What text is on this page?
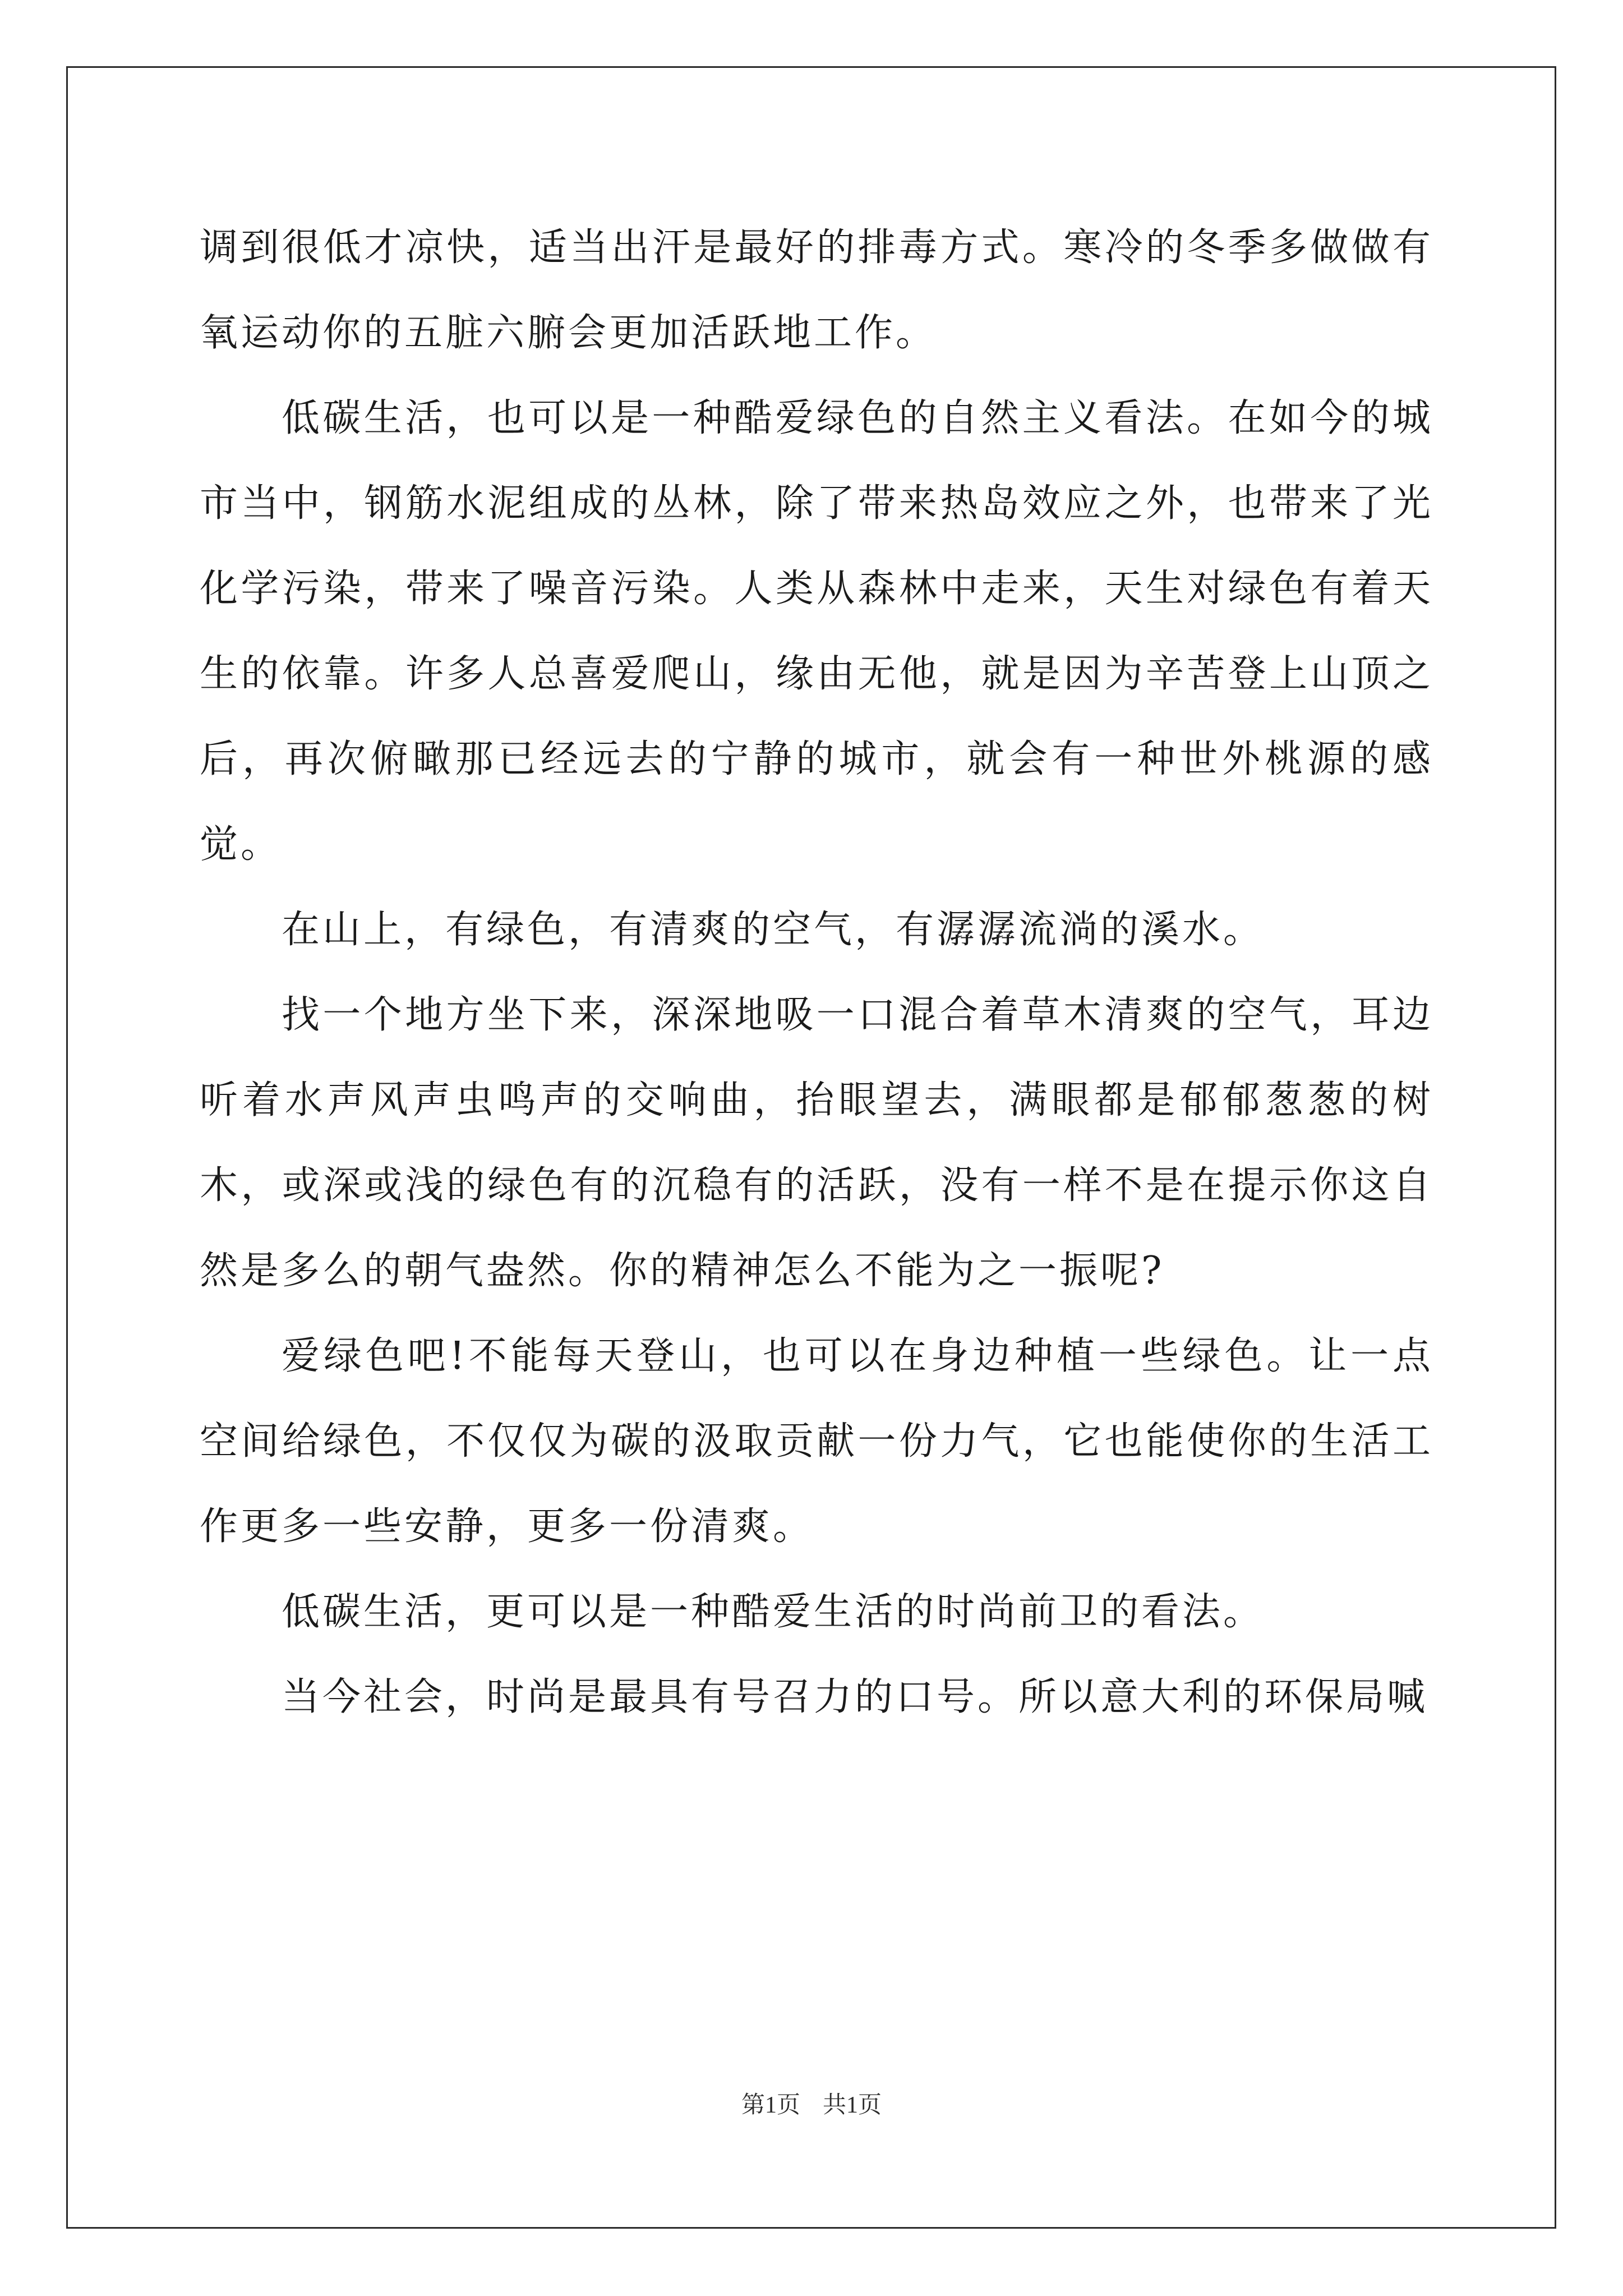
调到很低才凉快，适当出汗是最好的排毒方式。寒冷的冬季多做做有氧运动你的五脏六腑会更加活跃地工作。

低碳生活，也可以是一种酷爱绿色的自然主义看法。在如今的城市当中，钢筋水泥组成的丛林，除了带来热岛效应之外，也带来了光化学污染，带来了噪音污染。人类从森林中走来，天生对绿色有着天生的依靠。许多人总喜爱爬山，缘由无他，就是因为辛苦登上山顶之后，再次俯瞰那已经远去的宁静的城市，就会有一种世外桃源的感觉。

在山上，有绿色，有清爽的空气，有潺潺流淌的溪水。

找一个地方坐下来，深深地吸一口混合着草木清爽的空气，耳边听着水声风声虫鸣声的交响曲，抬眼望去，满眼都是郁郁葱葱的树木，或深或浅的绿色有的沉稳有的活跃，没有一样不是在提示你这自然是多么的朝气盎然。你的精神怎么不能为之一振呢?

爱绿色吧!不能每天登山，也可以在身边种植一些绿色。让一点空间给绿色，不仅仅为碳的汲取贡献一份力气，它也能使你的生活工作更多一些安静，更多一份清爽。

低碳生活，更可以是一种酷爱生活的时尚前卫的看法。

当今社会，时尚是最具有号召力的口号。所以意大利的环保局喊

第1页 共1页
